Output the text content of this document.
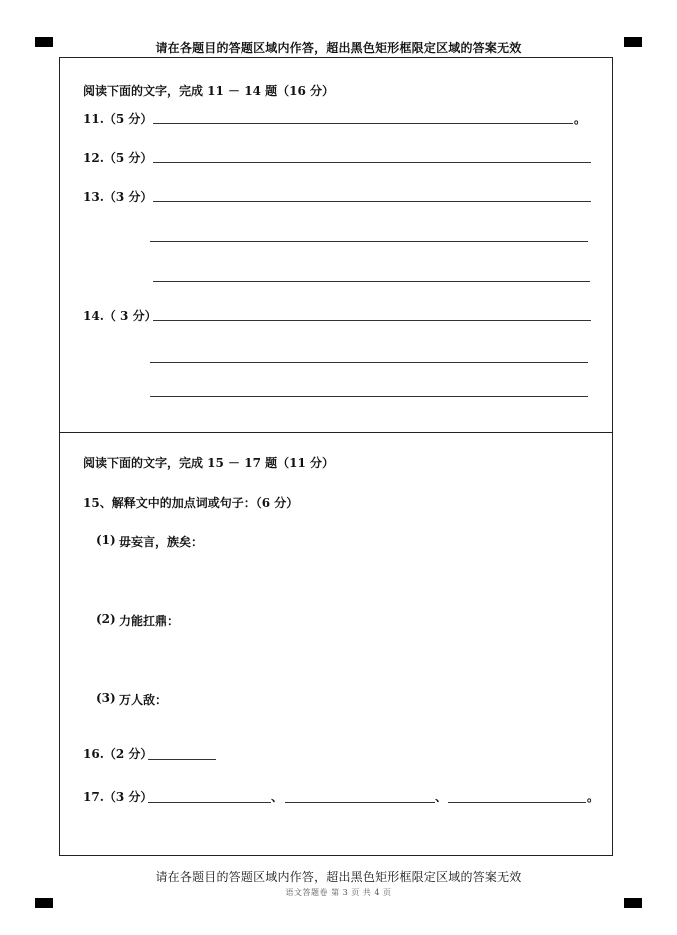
请在各题目的答题区域内作答，超出黑色矩形框限定区域的答案无效
阅读下面的文字，完成 11 － 14 题（16 分）
11.（5 分）	。
12.（5 分）
13.（3 分）
14.（ 3 分）
阅读下面的文字，完成 15 － 17 题（11 分）
15、解释文中的加点词或句子：（6 分）
(1) 毋妄言，族矣：
(2) 力能扛鼎：
(3) 万人敌：
16.（2 分）
17.（3 分）	、	、	。
请在各题目的答题区域内作答，超出黑色矩形框限定区域的答案无效
语文答题卷 第 3 页 共 4 页
